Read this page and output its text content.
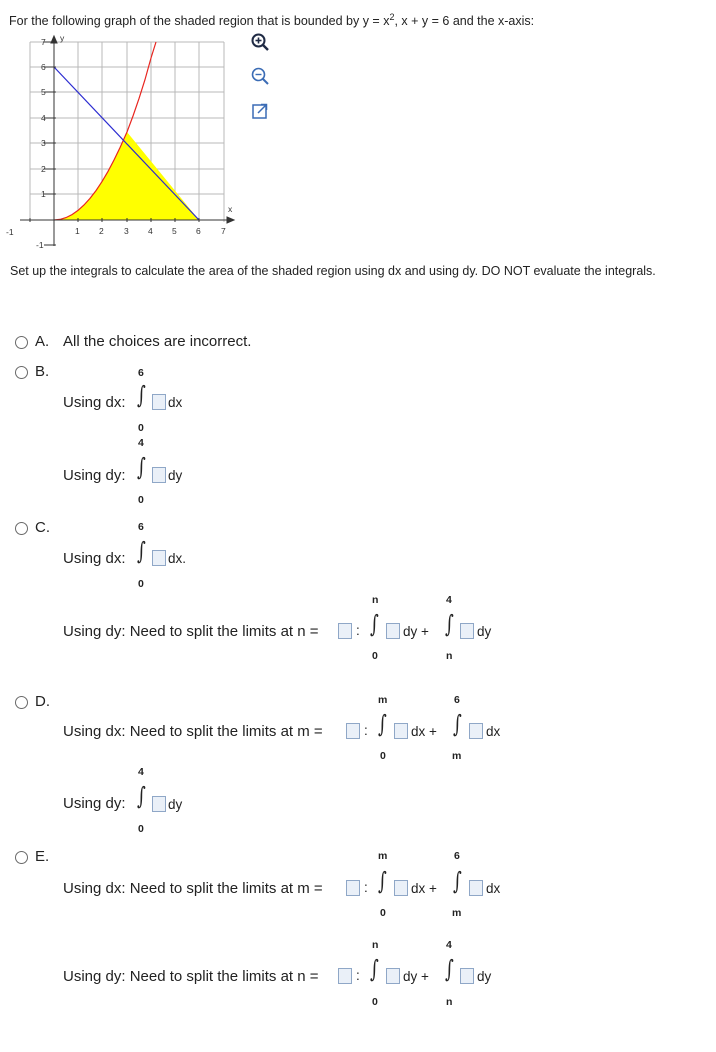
For the following graph of the shaded region that is bounded by $y = x^2$, x + y = 6 and the x-axis:
-1	1 2 3 4 5 6 7
x
7
6
5
4
3
2
1
-1
y
Set up the integrals to calculate the area of the shaded region using dx and using dy. DO NOT evaluate the integrals.
A. All the choices are incorrect.
B.
Using dx:
6
∫
0
dx
Using dy:
4
∫
0
dy
C.
Using dx:
6
∫
0
dx.
Using dy: Need to split the limits at n =	:
n
∫
0
dy +
4
∫
n
dy
D.
Using dx: Need to split the limits at m =	:
m
∫
0
dx +
6
∫
m
dx
Using dy:
4
∫
0
dy
E.
Using dx: Need to split the limits at m =	:
m
∫
0
dx +
6
∫
m
dx
Using dy: Need to split the limits at n =	:
n
∫
0
dy +
4
∫
n
dy
